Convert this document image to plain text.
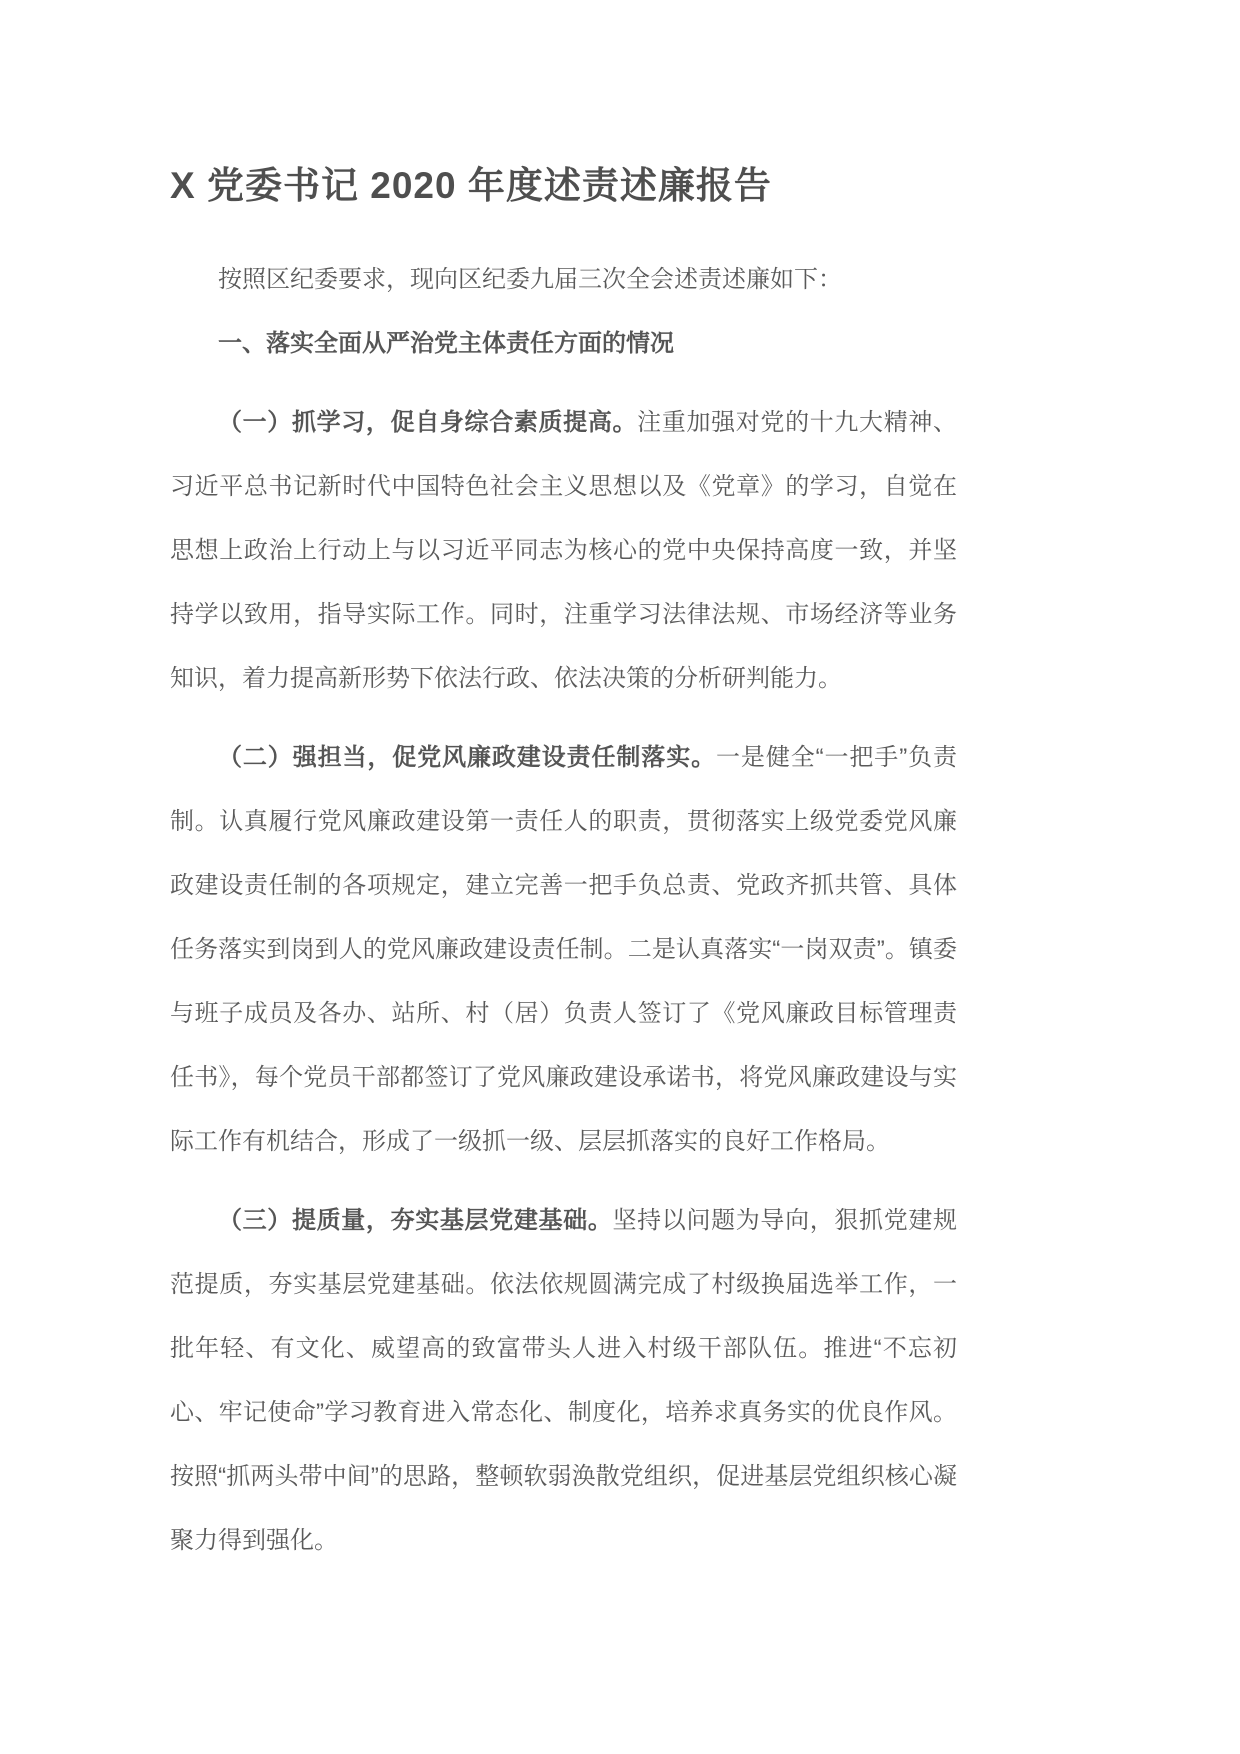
X 党委书记 2020 年度述责述廉报告

按照区纪委要求，现向区纪委九届三次全会述责述廉如下：

一、落实全面从严治党主体责任方面的情况

（一）抓学习，促自身综合素质提高。注重加强对党的十九大精神、习近平总书记新时代中国特色社会主义思想以及《党章》的学习，自觉在思想上政治上行动上与以习近平同志为核心的党中央保持高度一致，并坚持学以致用，指导实际工作。同时，注重学习法律法规、市场经济等业务知识，着力提高新形势下依法行政、依法决策的分析研判能力。

（二）强担当，促党风廉政建设责任制落实。一是健全“一把手”负责制。认真履行党风廉政建设第一责任人的职责，贯彻落实上级党委党风廉政建设责任制的各项规定，建立完善一把手负总责、党政齐抓共管、具体任务落实到岗到人的党风廉政建设责任制。二是认真落实“一岗双责”。镇委与班子成员及各办、站所、村（居）负责人签订了《党风廉政目标管理责任书》，每个党员干部都签订了党风廉政建设承诺书，将党风廉政建设与实际工作有机结合，形成了一级抓一级、层层抓落实的良好工作格局。

（三）提质量，夯实基层党建基础。坚持以问题为导向，狠抓党建规范提质，夯实基层党建基础。依法依规圆满完成了村级换届选举工作，一批年轻、有文化、威望高的致富带头人进入村级干部队伍。推进“不忘初心、牢记使命”学习教育进入常态化、制度化，培养求真务实的优良作风。按照“抓两头带中间”的思路，整顿软弱涣散党组织，促进基层党组织核心凝聚力得到强化。
